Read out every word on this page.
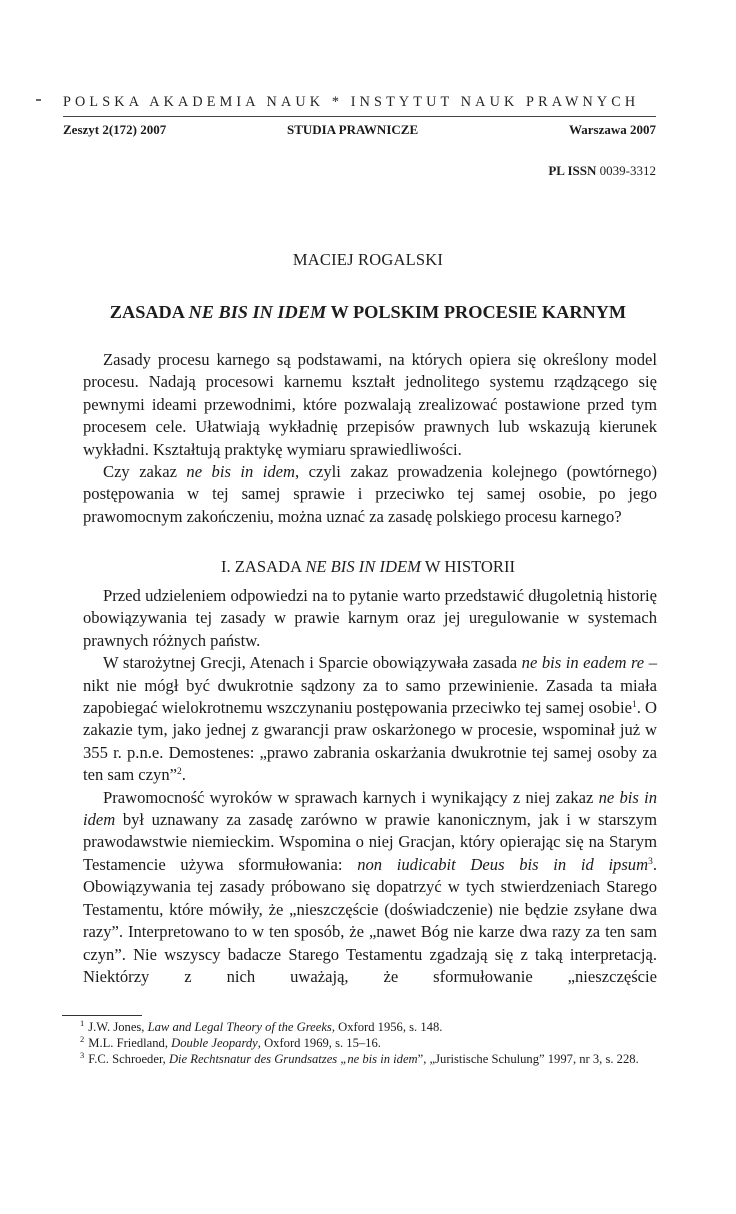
POLSKA AKADEMIA NAUK * INSTYTUT NAUK PRAWNYCH
Zeszyt 2(172) 2007	STUDIA PRAWNICZE	Warszawa 2007
PL ISSN 0039-3312
MACIEJ ROGALSKI
ZASADA NE BIS IN IDEM W POLSKIM PROCESIE KARNYM

Zasady procesu karnego są podstawami, na których opiera się określony model procesu. Nadają procesowi karnemu kształt jednolitego systemu rządzącego się pewnymi ideami przewodnimi, które pozwalają zrealizować postawione przed tym procesem cele. Ułatwiają wykładnię przepisów prawnych lub wskazują kierunek wykładni. Kształtują praktykę wymiaru sprawiedliwości.

Czy zakaz ne bis in idem, czyli zakaz prowadzenia kolejnego (powtórnego) postępowania w tej samej sprawie i przeciwko tej samej osobie, po jego prawomocnym zakończeniu, można uznać za zasadę polskiego procesu karnego?

I. ZASADA NE BIS IN IDEM W HISTORII

Przed udzieleniem odpowiedzi na to pytanie warto przedstawić długoletnią historię obowiązywania tej zasady w prawie karnym oraz jej uregulowanie w systemach prawnych różnych państw.

W starożytnej Grecji, Atenach i Sparcie obowiązywała zasada ne bis in eadem re – nikt nie mógł być dwukrotnie sądzony za to samo przewinienie. Zasada ta miała zapobiegać wielokrotnemu wszczynaniu postępowania przeciwko tej samej osobie$^1$. O zakazie tym, jako jednej z gwarancji praw oskarżonego w procesie, wspominał już w 355 r. p.n.e. Demostenes: „prawo zabrania oskarżania dwukrotnie tej samej osoby za ten sam czyn”$^2$.

Prawomocność wyroków w sprawach karnych i wynikający z niej zakaz ne bis in idem był uznawany za zasadę zarówno w prawie kanonicznym, jak i w starszym prawodawstwie niemieckim. Wspomina o niej Gracjan, który opierając się na Starym Testamencie używa sformułowania: non iudicabit Deus bis in id ipsum$^3$. Obowiązywania tej zasady próbowano się dopatrzyć w tych stwierdzeniach Starego Testamentu, które mówiły, że „nieszczęście (doświadczenie) nie będzie zsyłane dwa razy”. Interpretowano to w ten sposób, że „nawet Bóg nie karze dwa razy za ten sam czyn”. Nie wszyscy badacze Starego Testamentu zgadzają się z taką interpretacją. Niektórzy z nich uważają, że sformułowanie „nieszczęście

$^1$ J.W. Jones, Law and Legal Theory of the Greeks, Oxford 1956, s. 148.

$^2$ M.L. Friedland, Double Jeopardy, Oxford 1969, s. 15–16.

$^3$ F.C. Schroeder, Die Rechtsnatur des Grundsatzes „ne bis in idem”, „Juristische Schulung” 1997, nr 3, s. 228.
